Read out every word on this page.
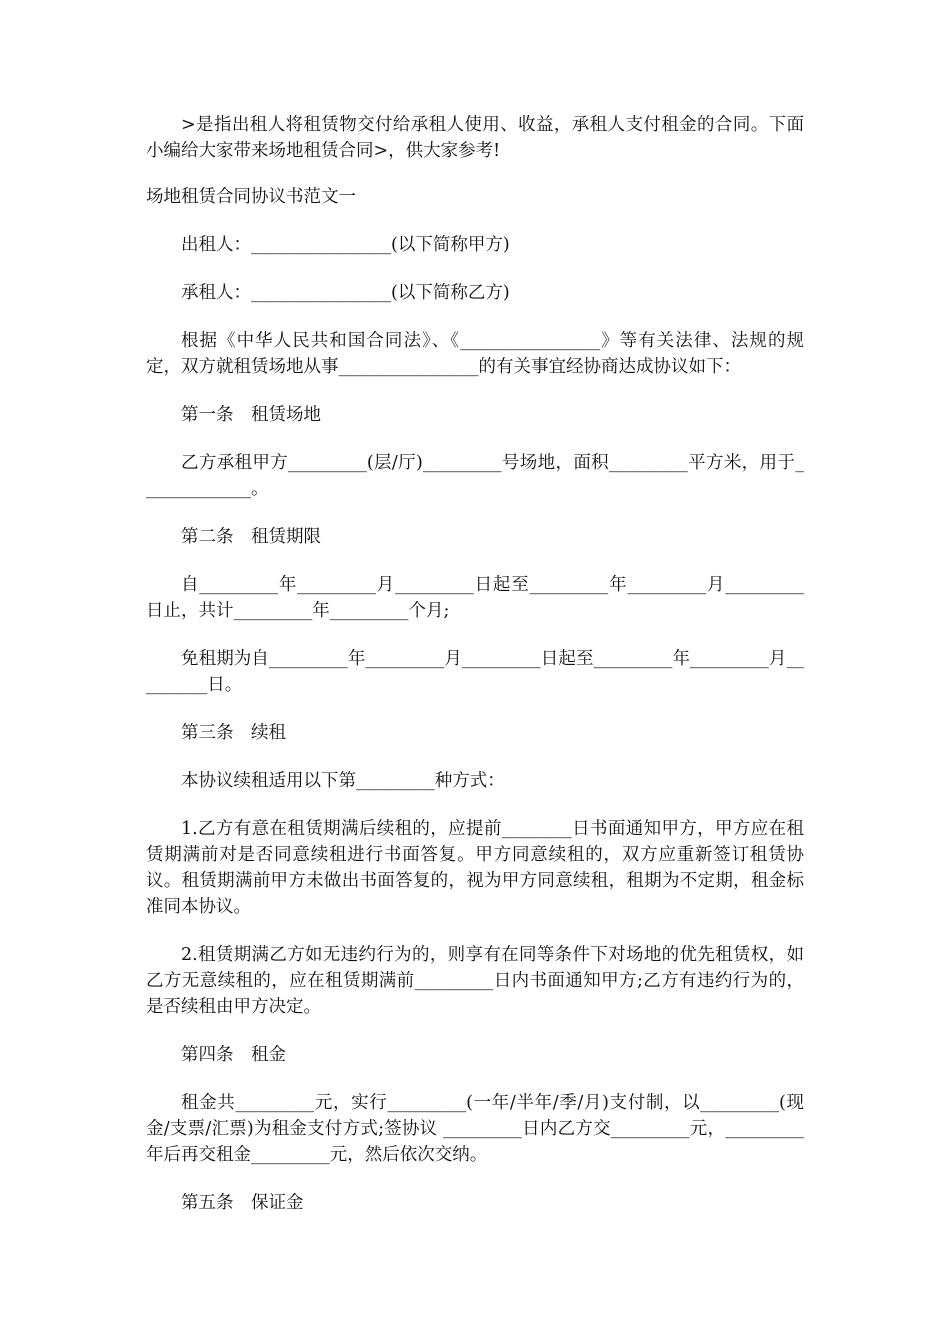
>是指出租人将租赁物交付给承租人使用、收益，承租人支付租金的合同。下面小编给大家带来场地租赁合同>，供大家参考!

场地租赁合同协议书范文一

出租人：________________(以下简称甲方)

承租人：________________(以下简称乙方)

根据《中华人民共和国合同法》、《________________》等有关法律、法规的规定，双方就租赁场地从事________________的有关事宜经协商达成协议如下：

第一条　租赁场地

乙方承租甲方_________(层/厅)_________号场地，面积_________平方米，用于_____________。

第二条　租赁期限

自_________年_________月_________日起至_________年_________月_________日止，共计_________年_________个月;

免租期为自_________年_________月_________日起至_________年_________月_________日。

第三条　续租

本协议续租适用以下第_________种方式：

1.乙方有意在租赁期满后续租的，应提前________日书面通知甲方，甲方应在租赁期满前对是否同意续租进行书面答复。甲方同意续租的，双方应重新签订租赁协议。租赁期满前甲方未做出书面答复的，视为甲方同意续租，租期为不定期，租金标准同本协议。

2.租赁期满乙方如无违约行为的，则享有在同等条件下对场地的优先租赁权，如乙方无意续租的，应在租赁期满前_________日内书面通知甲方;乙方有违约行为的，是否续租由甲方决定。

第四条　租金

租金共_________元，实行_________(一年/半年/季/月)支付制，以_________(现金/支票/汇票)为租金支付方式;签协议 _________日内乙方交_________元，_________年后再交租金_________元，然后依次交纳。

第五条　保证金
